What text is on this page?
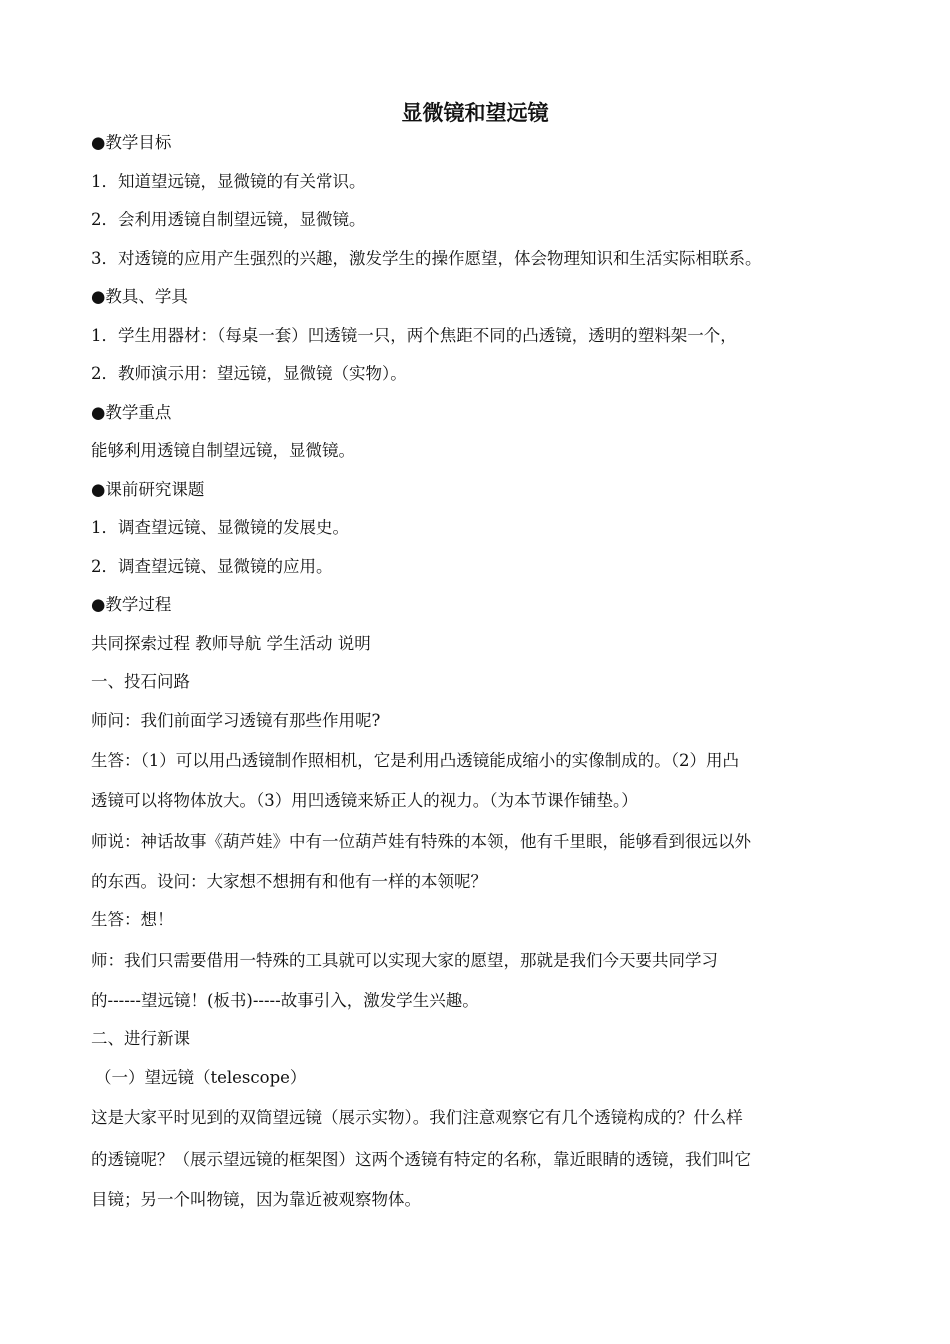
显微镜和望远镜
●教学目标
1．知道望远镜，显微镜的有关常识。
2．会利用透镜自制望远镜，显微镜。
3．对透镜的应用产生强烈的兴趣，激发学生的操作愿望，体会物理知识和生活实际相联系。
●教具、学具
1．学生用器材：（每桌一套）凹透镜一只，两个焦距不同的凸透镜，透明的塑料架一个，
2．教师演示用：望远镜，显微镜（实物）。
●教学重点
能够利用透镜自制望远镜，显微镜。
●课前研究课题
1．调查望远镜、显微镜的发展史。
2．调查望远镜、显微镜的应用。
●教学过程
共同探索过程 教师导航 学生活动 说明
一、投石问路
师问：我们前面学习透镜有那些作用呢?
生答：（1）可以用凸透镜制作照相机，它是利用凸透镜能成缩小的实像制成的。（2）用凸
透镜可以将物体放大。（3）用凹透镜来矫正人的视力。（为本节课作铺垫。）
师说：神话故事《葫芦娃》中有一位葫芦娃有特殊的本领，他有千里眼，能够看到很远以外
的东西。设问：大家想不想拥有和他有一样的本领呢？
生答：想！
师：我们只需要借用一特殊的工具就可以实现大家的愿望，那就是我们今天要共同学习
的------望远镜！(板书)-----故事引入，激发学生兴趣。
二、进行新课
（一）望远镜（telescope）
这是大家平时见到的双筒望远镜（展示实物）。我们注意观察它有几个透镜构成的？什么样
的透镜呢？（展示望远镜的框架图）这两个透镜有特定的名称，靠近眼睛的透镜，我们叫它
目镜；另一个叫物镜，因为靠近被观察物体。
